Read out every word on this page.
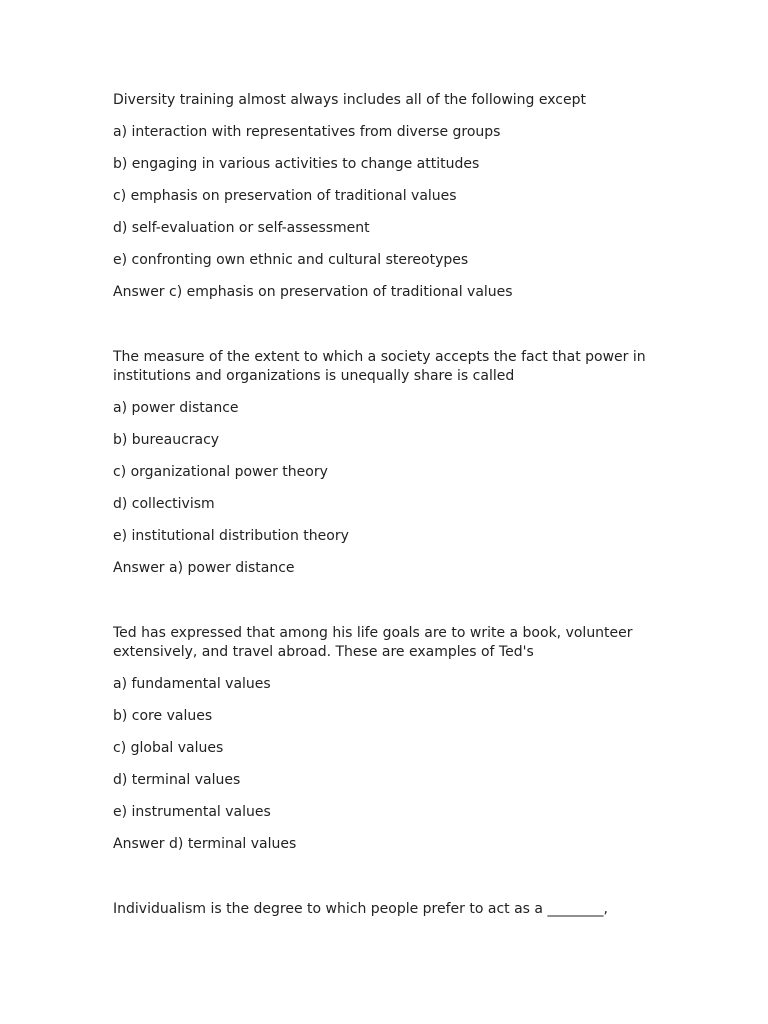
Diversity training almost always includes all of the following except

a) interaction with representatives from diverse groups

b) engaging in various activities to change attitudes

c) emphasis on preservation of traditional values

d) self-evaluation or self-assessment

e) confronting own ethnic and cultural stereotypes

Answer c) emphasis on preservation of traditional values

The measure of the extent to which a society accepts the fact that power in institutions and organizations is unequally share is called

a) power distance

b) bureaucracy

c) organizational power theory

d) collectivism

e) institutional distribution theory

Answer a) power distance

Ted has expressed that among his life goals are to write a book, volunteer extensively, and travel abroad. These are examples of Ted's

a) fundamental values

b) core values

c) global values

d) terminal values

e) instrumental values

Answer d) terminal values

Individualism is the degree to which people prefer to act as a ________,
